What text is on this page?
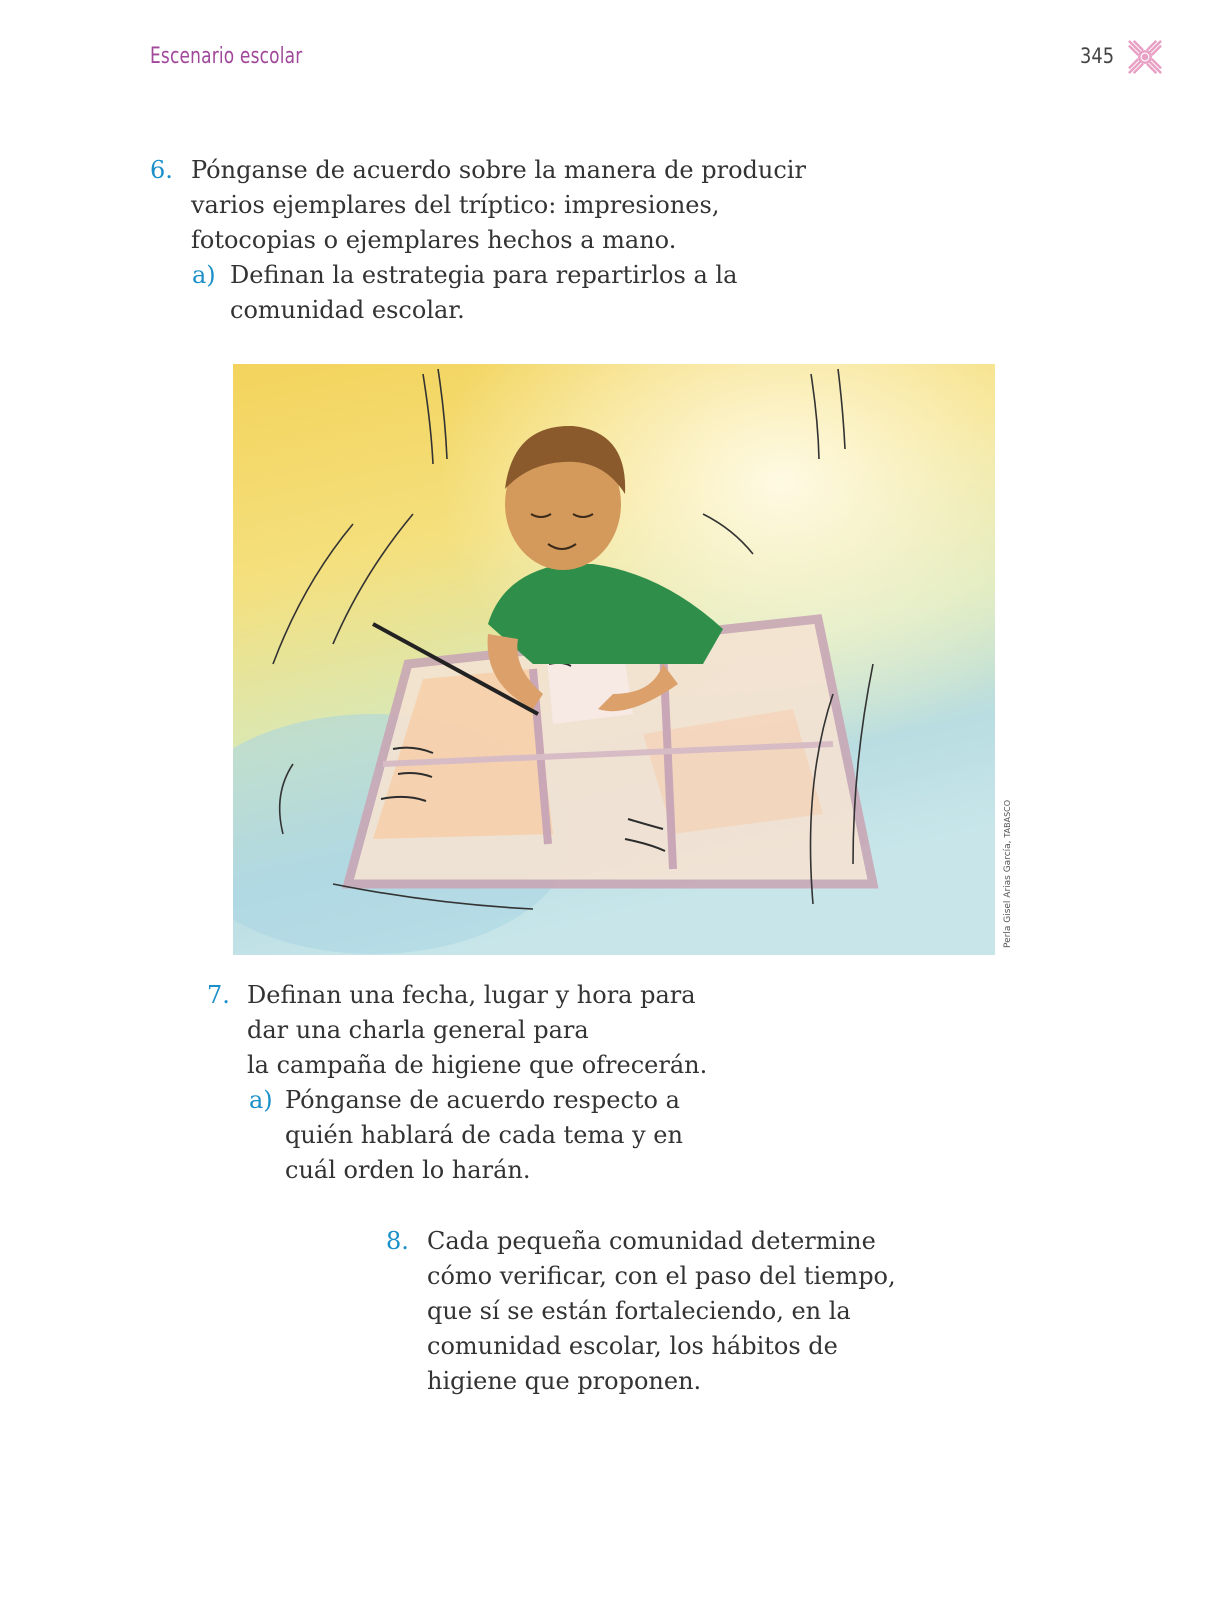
Escenario escolar	345
6. Pónganse de acuerdo sobre la manera de producir
varios ejemplares del tríptico: impresiones,
fotocopias o ejemplares hechos a mano.
a) Definan la estrategia para repartirlos a la
comunidad escolar.
Perla Gisel Arias García, TABASCO
7. Definan una fecha, lugar y hora para
dar una charla general para
la campaña de higiene que ofrecerán.
a) Pónganse de acuerdo respecto a
quién hablará de cada tema y en
cuál orden lo harán.
8. Cada pequeña comunidad determine
cómo verificar, con el paso del tiempo,
que sí se están fortaleciendo, en la
comunidad escolar, los hábitos de
higiene que proponen.
